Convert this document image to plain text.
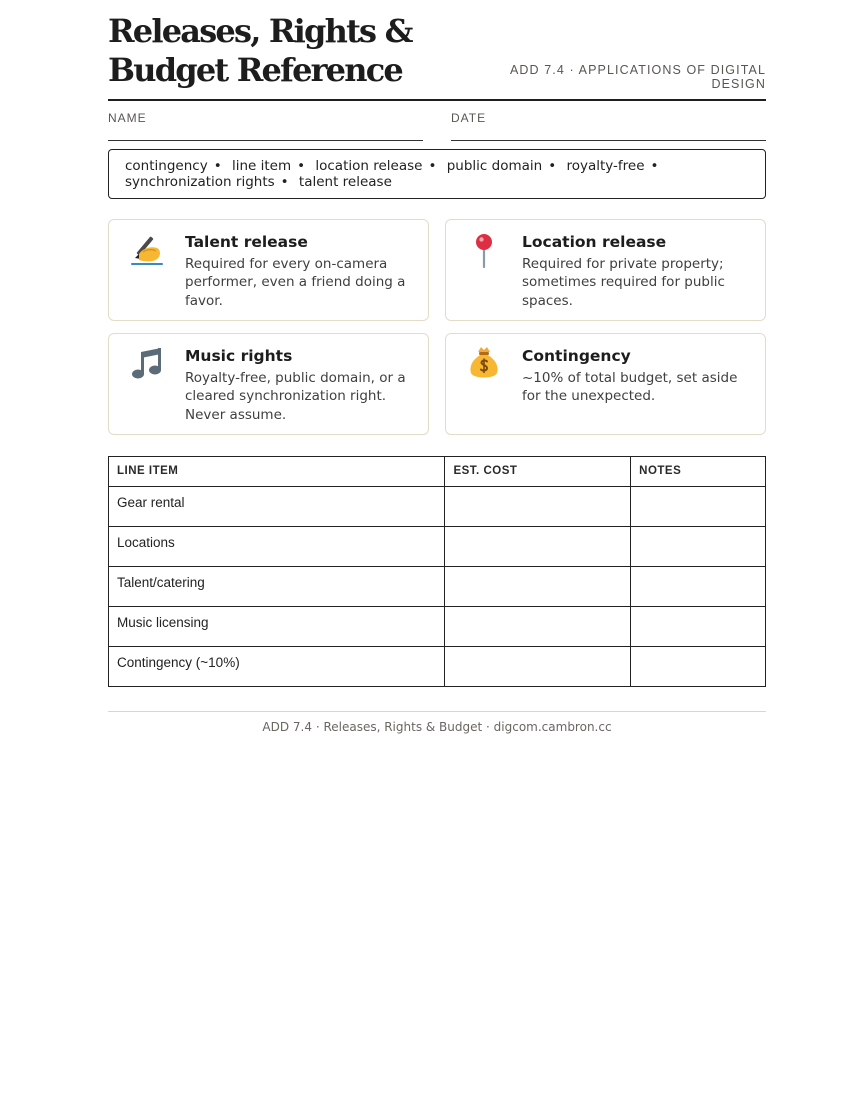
Releases, Rights & Budget Reference	ADD 7.4 · APPLICATIONS OF DIGITAL DESIGN
NAME	DATE
contingency • line item • location release • public domain • royalty-free • synchronization rights • talent release
Talent release
Required for every on-camera performer, even a friend doing a favor.
Location release
Required for private property; sometimes required for public spaces.
Music rights
Royalty-free, public domain, or a cleared synchronization right. Never assume.
Contingency
~10% of total budget, set aside for the unexpected.
LINE ITEM	EST. COST	NOTES
Gear rental		
Locations		
Talent/catering		
Music licensing		
Contingency (~10%)		
ADD 7.4 · Releases, Rights & Budget · digcom.cambron.cc
